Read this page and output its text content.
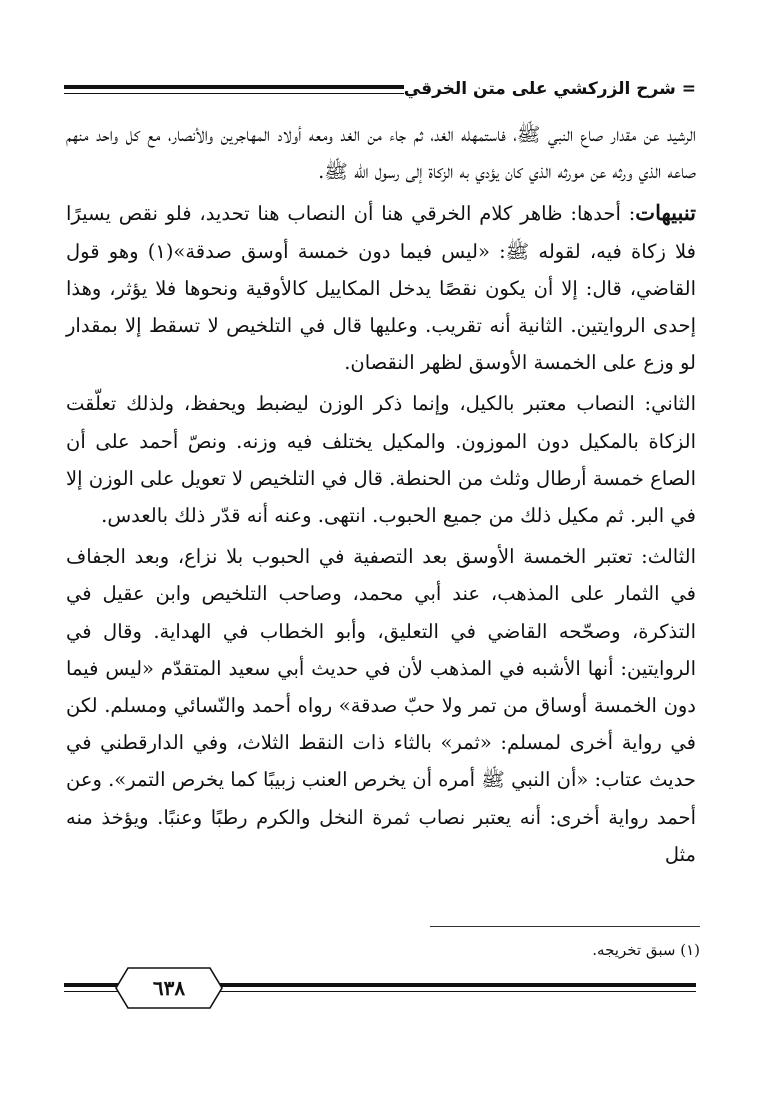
= شرح الزركشي على متن الخرقي

الرشيد عن مقدار صاع النبي ﷺ، فاستمهله الغد، ثم جاء من الغد ومعه أولاد المهاجرين والأنصار، مع كل واحد منهم صاعه الذي ورثه عن مورثه الذي كان يؤدي به الزكاة إلى رسول الله ﷺ.

تنبيهات: أحدها: ظاهر كلام الخرقي هنا أن النصاب هنا تحديد، فلو نقص يسيرًا فلا زكاة فيه، لقوله ﷺ: «ليس فيما دون خمسة أوسق صدقة»(١) وهو قول القاضي، قال: إلا أن يكون نقصًا يدخل المكاييل كالأوقية ونحوها فلا يؤثر، وهذا إحدى الروايتين. الثانية أنه تقريب. وعليها قال في التلخيص لا تسقط إلا بمقدار لو وزع على الخمسة الأوسق لظهر النقصان.

الثاني: النصاب معتبر بالكيل، وإنما ذكر الوزن ليضبط ويحفظ، ولذلك تعلّقت الزكاة بالمكيل دون الموزون. والمكيل يختلف فيه وزنه. ونصّ أحمد على أن الصاع خمسة أرطال وثلث من الحنطة. قال في التلخيص لا تعويل على الوزن إلا في البر. ثم مكيل ذلك من جميع الحبوب. انتهى. وعنه أنه قدّر ذلك بالعدس.

الثالث: تعتبر الخمسة الأوسق بعد التصفية في الحبوب بلا نزاع، وبعد الجفاف في الثمار على المذهب، عند أبي محمد، وصاحب التلخيص وابن عقيل في التذكرة، وصحّحه القاضي في التعليق، وأبو الخطاب في الهداية. وقال في الروايتين: أنها الأشبه في المذهب لأن في حديث أبي سعيد المتقدّم «ليس فيما دون الخمسة أوساق من تمر ولا حبّ صدقة» رواه أحمد والنّسائي ومسلم. لكن في رواية أخرى لمسلم: «ثمر» بالثاء ذات النقط الثلاث، وفي الدارقطني في حديث عتاب: «أن النبي ﷺ أمره أن يخرص العنب زبيبًا كما يخرص التمر». وعن أحمد رواية أخرى: أنه يعتبر نصاب ثمرة النخل والكرم رطبًا وعنبًا. ويؤخذ منه مثل

(١) سبق تخريجه.
٦٣٨
